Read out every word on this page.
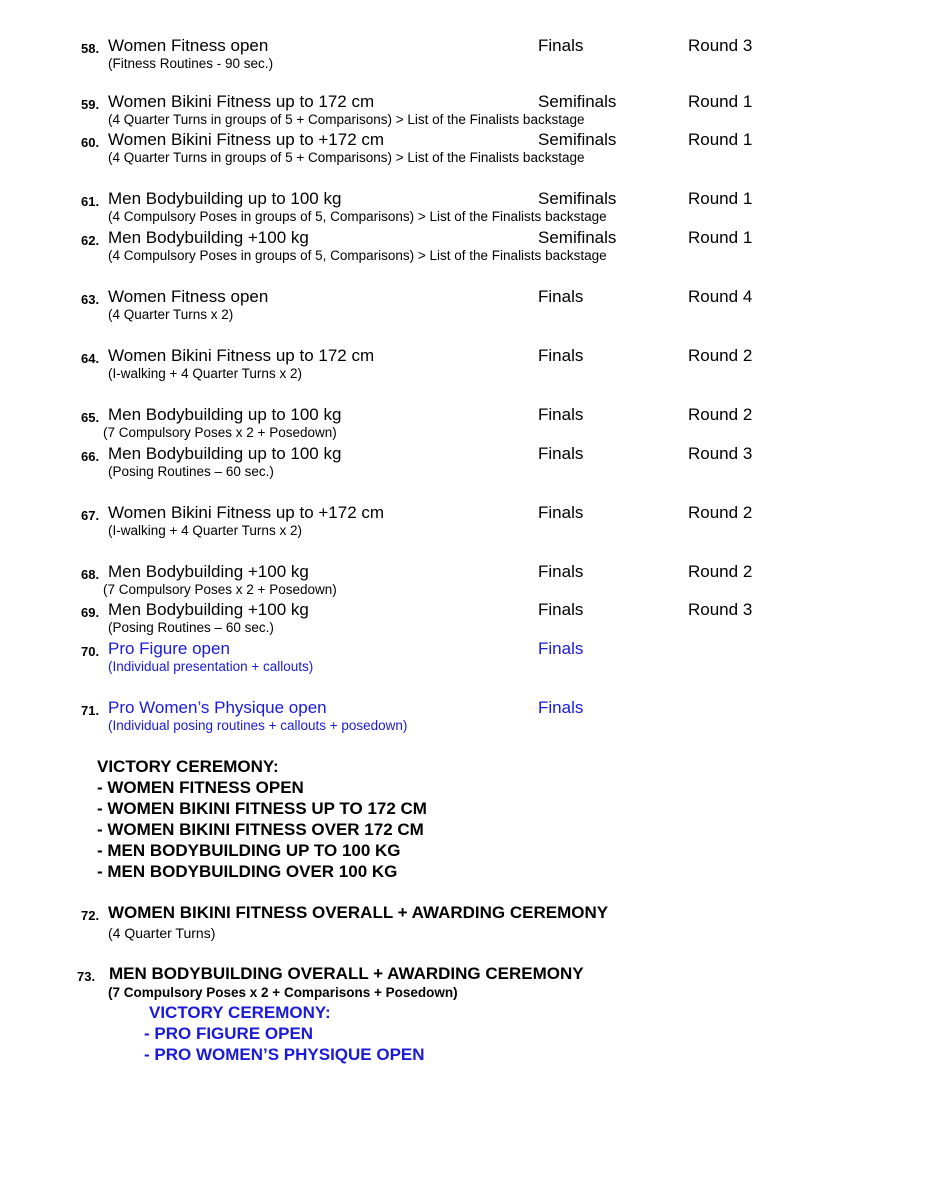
58. Women Fitness open	Finals	Round 3
(Fitness Routines - 90 sec.)
59. Women Bikini Fitness up to 172 cm	Semifinals	Round 1
(4 Quarter Turns in groups of 5 + Comparisons) > List of the Finalists backstage
60. Women Bikini Fitness up to +172 cm	Semifinals	Round 1
(4 Quarter Turns in groups of 5 + Comparisons) > List of the Finalists backstage
61. Men Bodybuilding up to 100 kg	Semifinals	Round 1
(4 Compulsory Poses in groups of 5, Comparisons) > List of the Finalists backstage
62. Men Bodybuilding +100 kg	Semifinals	Round 1
(4 Compulsory Poses in groups of 5, Comparisons) > List of the Finalists backstage
63. Women Fitness open	Finals	Round 4
(4 Quarter Turns x 2)
64. Women Bikini Fitness up to 172 cm	Finals	Round 2
(I-walking + 4 Quarter Turns x 2)
65. Men Bodybuilding up to 100 kg	Finals	Round 2
(7 Compulsory Poses x 2 + Posedown)
66. Men Bodybuilding up to 100 kg	Finals	Round 3
(Posing Routines – 60 sec.)
67. Women Bikini Fitness up to +172 cm	Finals	Round 2
(I-walking + 4 Quarter Turns x 2)
68. Men Bodybuilding +100 kg	Finals	Round 2
(7 Compulsory Poses x 2 + Posedown)
69. Men Bodybuilding +100 kg	Finals	Round 3
(Posing Routines – 60 sec.)
70. Pro Figure open	Finals
(Individual presentation + callouts)
71. Pro Women’s Physique open	Finals
(Individual posing routines + callouts + posedown)
VICTORY CEREMONY:
- WOMEN FITNESS OPEN
- WOMEN BIKINI FITNESS UP TO 172 CM
- WOMEN BIKINI FITNESS OVER 172 CM
- MEN BODYBUILDING UP TO 100 KG
- MEN BODYBUILDING OVER 100 KG
72. WOMEN BIKINI FITNESS OVERALL + AWARDING CEREMONY
(4 Quarter Turns)
73. MEN BODYBUILDING OVERALL + AWARDING CEREMONY
(7 Compulsory Poses x 2 + Comparisons + Posedown)
VICTORY CEREMONY:
- PRO FIGURE OPEN
- PRO WOMEN’S PHYSIQUE OPEN
